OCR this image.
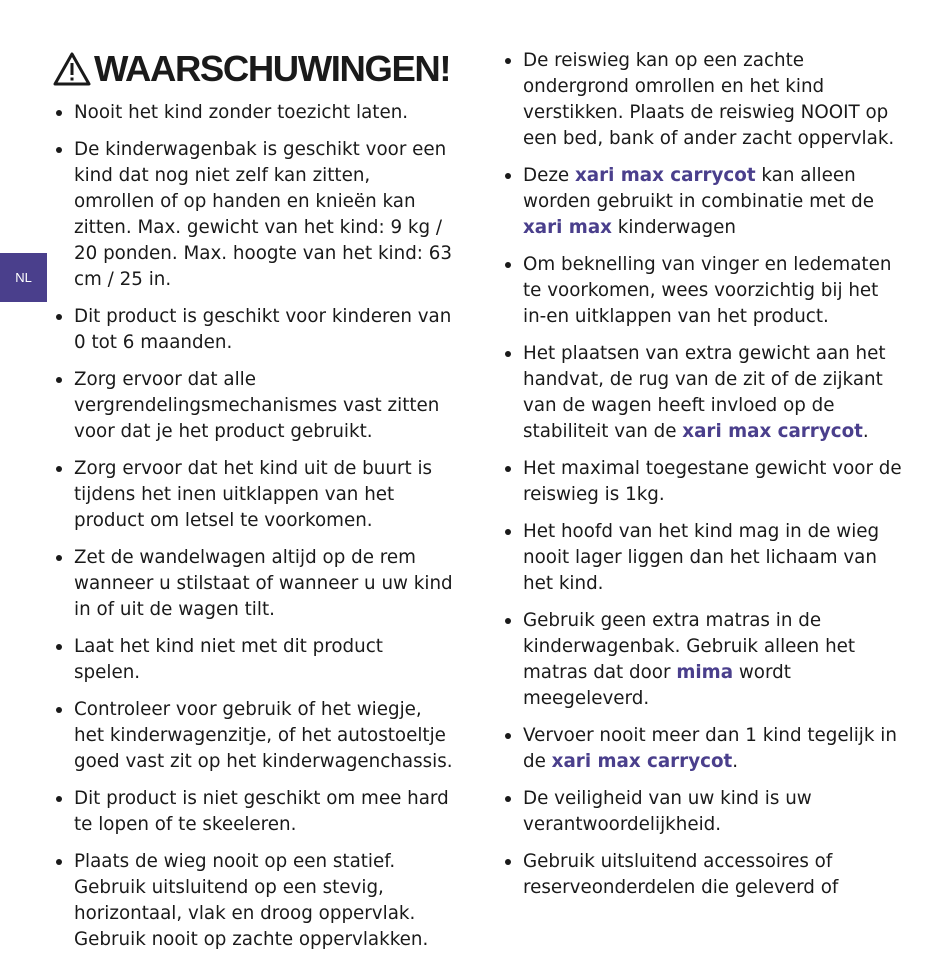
NL
WAARSCHUWINGEN!
Nooit het kind zonder toezicht laten.
De kinderwagenbak is geschikt voor een kind dat nog niet zelf kan zitten, omrollen of op handen en knieën kan zitten. Max. gewicht van het kind: 9 kg / 20 ponden. Max. hoogte van het kind: 63 cm / 25 in.
Dit product is geschikt voor kinderen van 0 tot 6 maanden.
Zorg ervoor dat alle vergrendelingsmechanismes vast zitten voor dat je het product gebruikt.
Zorg ervoor dat het kind uit de buurt is tijdens het inen uitklappen van het product om letsel te voorkomen.
Zet de wandelwagen altijd op de rem wanneer u stilstaat of wanneer u uw kind in of uit de wagen tilt.
Laat het kind niet met dit product spelen.
Controleer voor gebruik of het wiegje, het kinderwagenzitje, of het autostoeltje goed vast zit op het kinderwagenchassis.
Dit product is niet geschikt om mee hard te lopen of te skeeleren.
Plaats de wieg nooit op een statief. Gebruik uitsluitend op een stevig, horizontaal, vlak en droog oppervlak. Gebruik nooit op zachte oppervlakken.
De reiswieg kan op een zachte ondergrond omrollen en het kind verstikken. Plaats de reiswieg NOOIT op een bed, bank of ander zacht oppervlak.
Deze xari max carrycot kan alleen worden gebruikt in combinatie met de xari max kinderwagen
Om beknelling van vinger en ledematen te voorkomen, wees voorzichtig bij het in-en uitklappen van het product.
Het plaatsen van extra gewicht aan het handvat, de rug van de zit of de zijkant van de wagen heeft invloed op de stabiliteit van de xari max carrycot.
Het maximal toegestane gewicht voor de reiswieg is 1kg.
Het hoofd van het kind mag in de wieg nooit lager liggen dan het lichaam van het kind.
Gebruik geen extra matras in de kinderwagenbak. Gebruik alleen het matras dat door mima wordt meegeleverd.
Vervoer nooit meer dan 1 kind tegelijk in de xari max carrycot.
De veiligheid van uw kind is uw verantwoordelijkheid.
Gebruik uitsluitend accessoires of reserveonderdelen die geleverd of
